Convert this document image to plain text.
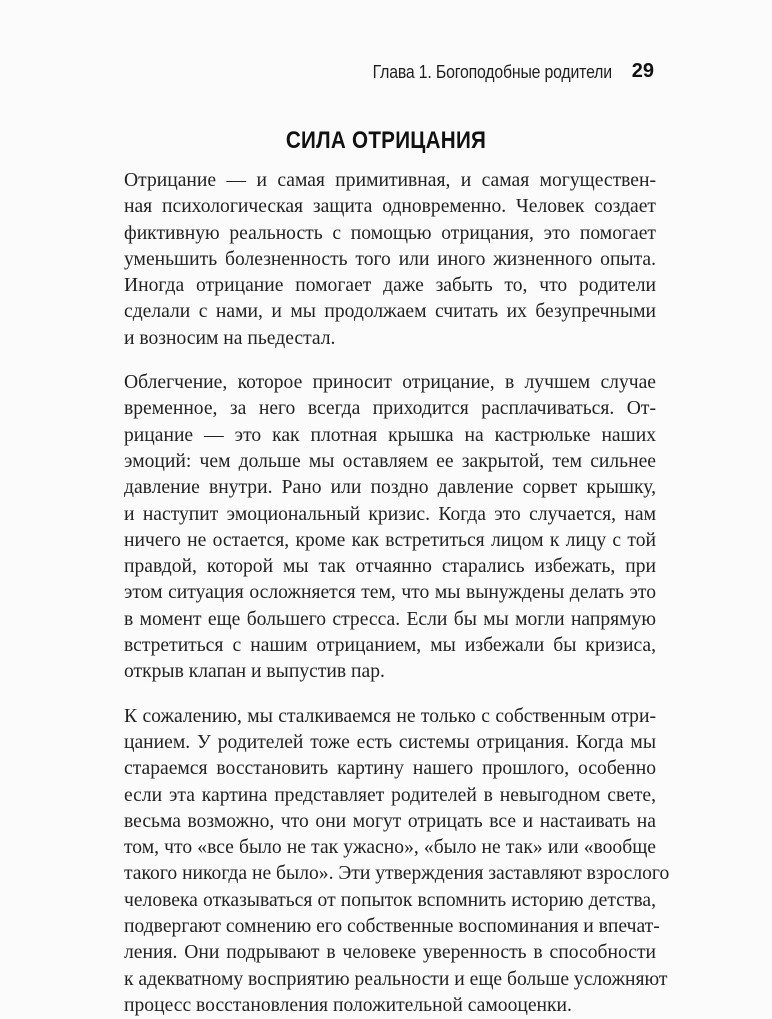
Глава 1. Богоподобные родители 29
СИЛА ОТРИЦАНИЯ
Отрицание — и самая примитивная, и самая могуществен-
ная психологическая защита одновременно. Человек создает
фиктивную реальность с помощью отрицания, это помогает
уменьшить болезненность того или иного жизненного опыта.
Иногда отрицание помогает даже забыть то, что родители
сделали с нами, и мы продолжаем считать их безупречными
и возносим на пьедестал.
Облегчение, которое приносит отрицание, в лучшем случае
временное, за него всегда приходится расплачиваться. От-
рицание — это как плотная крышка на кастрюльке наших
эмоций: чем дольше мы оставляем ее закрытой, тем сильнее
давление внутри. Рано или поздно давление сорвет крышку,
и наступит эмоциональный кризис. Когда это случается, нам
ничего не остается, кроме как встретиться лицом к лицу с той
правдой, которой мы так отчаянно старались избежать, при
этом ситуация осложняется тем, что мы вынуждены делать это
в момент еще большего стресса. Если бы мы могли напрямую
встретиться с нашим отрицанием, мы избежали бы кризиса,
открыв клапан и выпустив пар.
К сожалению, мы сталкиваемся не только с собственным отри-
цанием. У родителей тоже есть системы отрицания. Когда мы
стараемся восстановить картину нашего прошлого, особенно
если эта картина представляет родителей в невыгодном свете,
весьма возможно, что они могут отрицать все и настаивать на
том, что «все было не так ужасно», «было не так» или «вообще
такого никогда не было». Эти утверждения заставляют взрослого
человека отказываться от попыток вспомнить историю детства,
подвергают сомнению его собственные воспоминания и впечат-
ления. Они подрывают в человеке уверенность в способности
к адекватному восприятию реальности и еще больше усложняют
процесс восстановления положительной самооценки.
